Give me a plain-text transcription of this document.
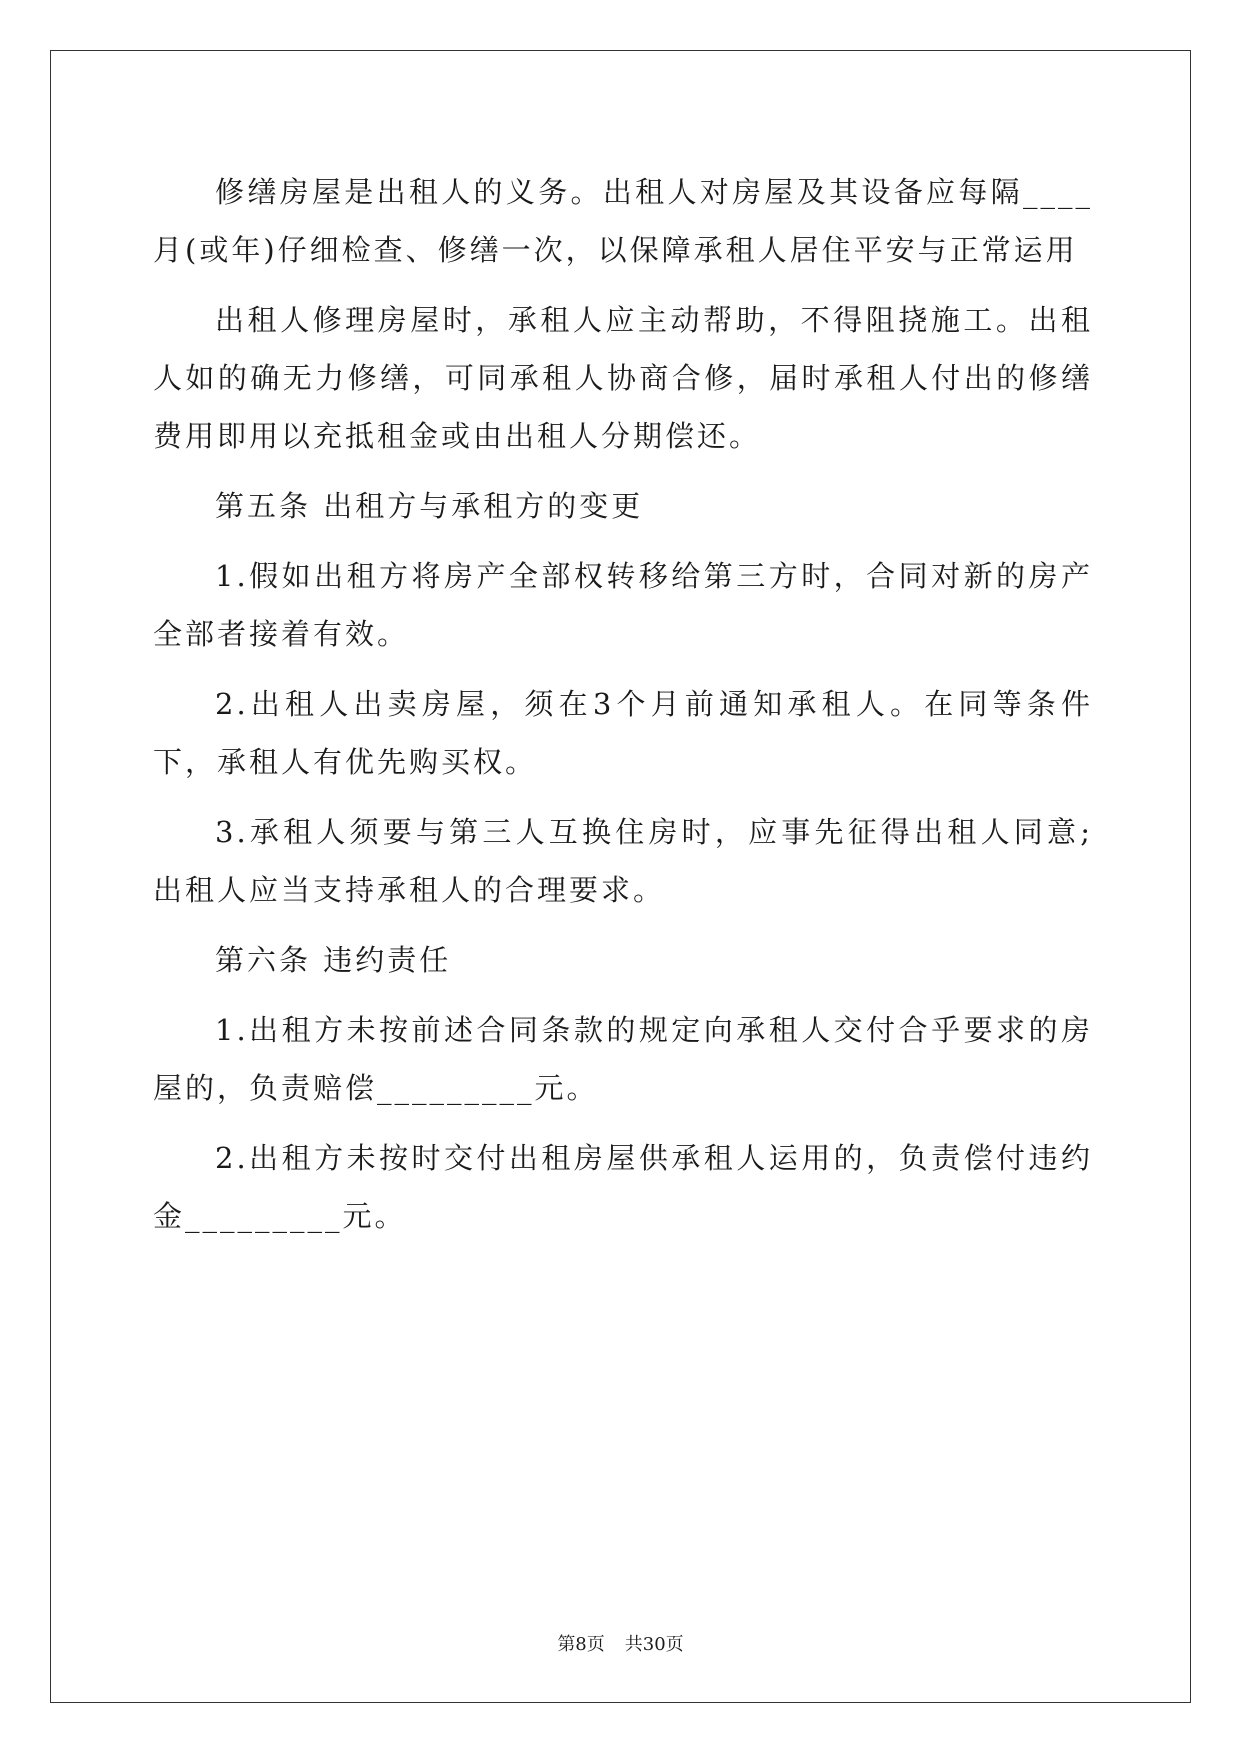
修缮房屋是出租人的义务。出租人对房屋及其设备应每隔____月(或年)仔细检查、修缮一次，以保障承租人居住平安与正常运用

出租人修理房屋时，承租人应主动帮助，不得阻挠施工。出租人如的确无力修缮，可同承租人协商合修，届时承租人付出的修缮费用即用以充抵租金或由出租人分期偿还。

第五条 出租方与承租方的变更

1.假如出租方将房产全部权转移给第三方时，合同对新的房产全部者接着有效。

2.出租人出卖房屋，须在3个月前通知承租人。在同等条件下，承租人有优先购买权。

3.承租人须要与第三人互换住房时，应事先征得出租人同意;出租人应当支持承租人的合理要求。

第六条 违约责任

1.出租方未按前述合同条款的规定向承租人交付合乎要求的房屋的，负责赔偿_________元。

2.出租方未按时交付出租房屋供承租人运用的，负责偿付违约金_________元。

第8页 共30页
